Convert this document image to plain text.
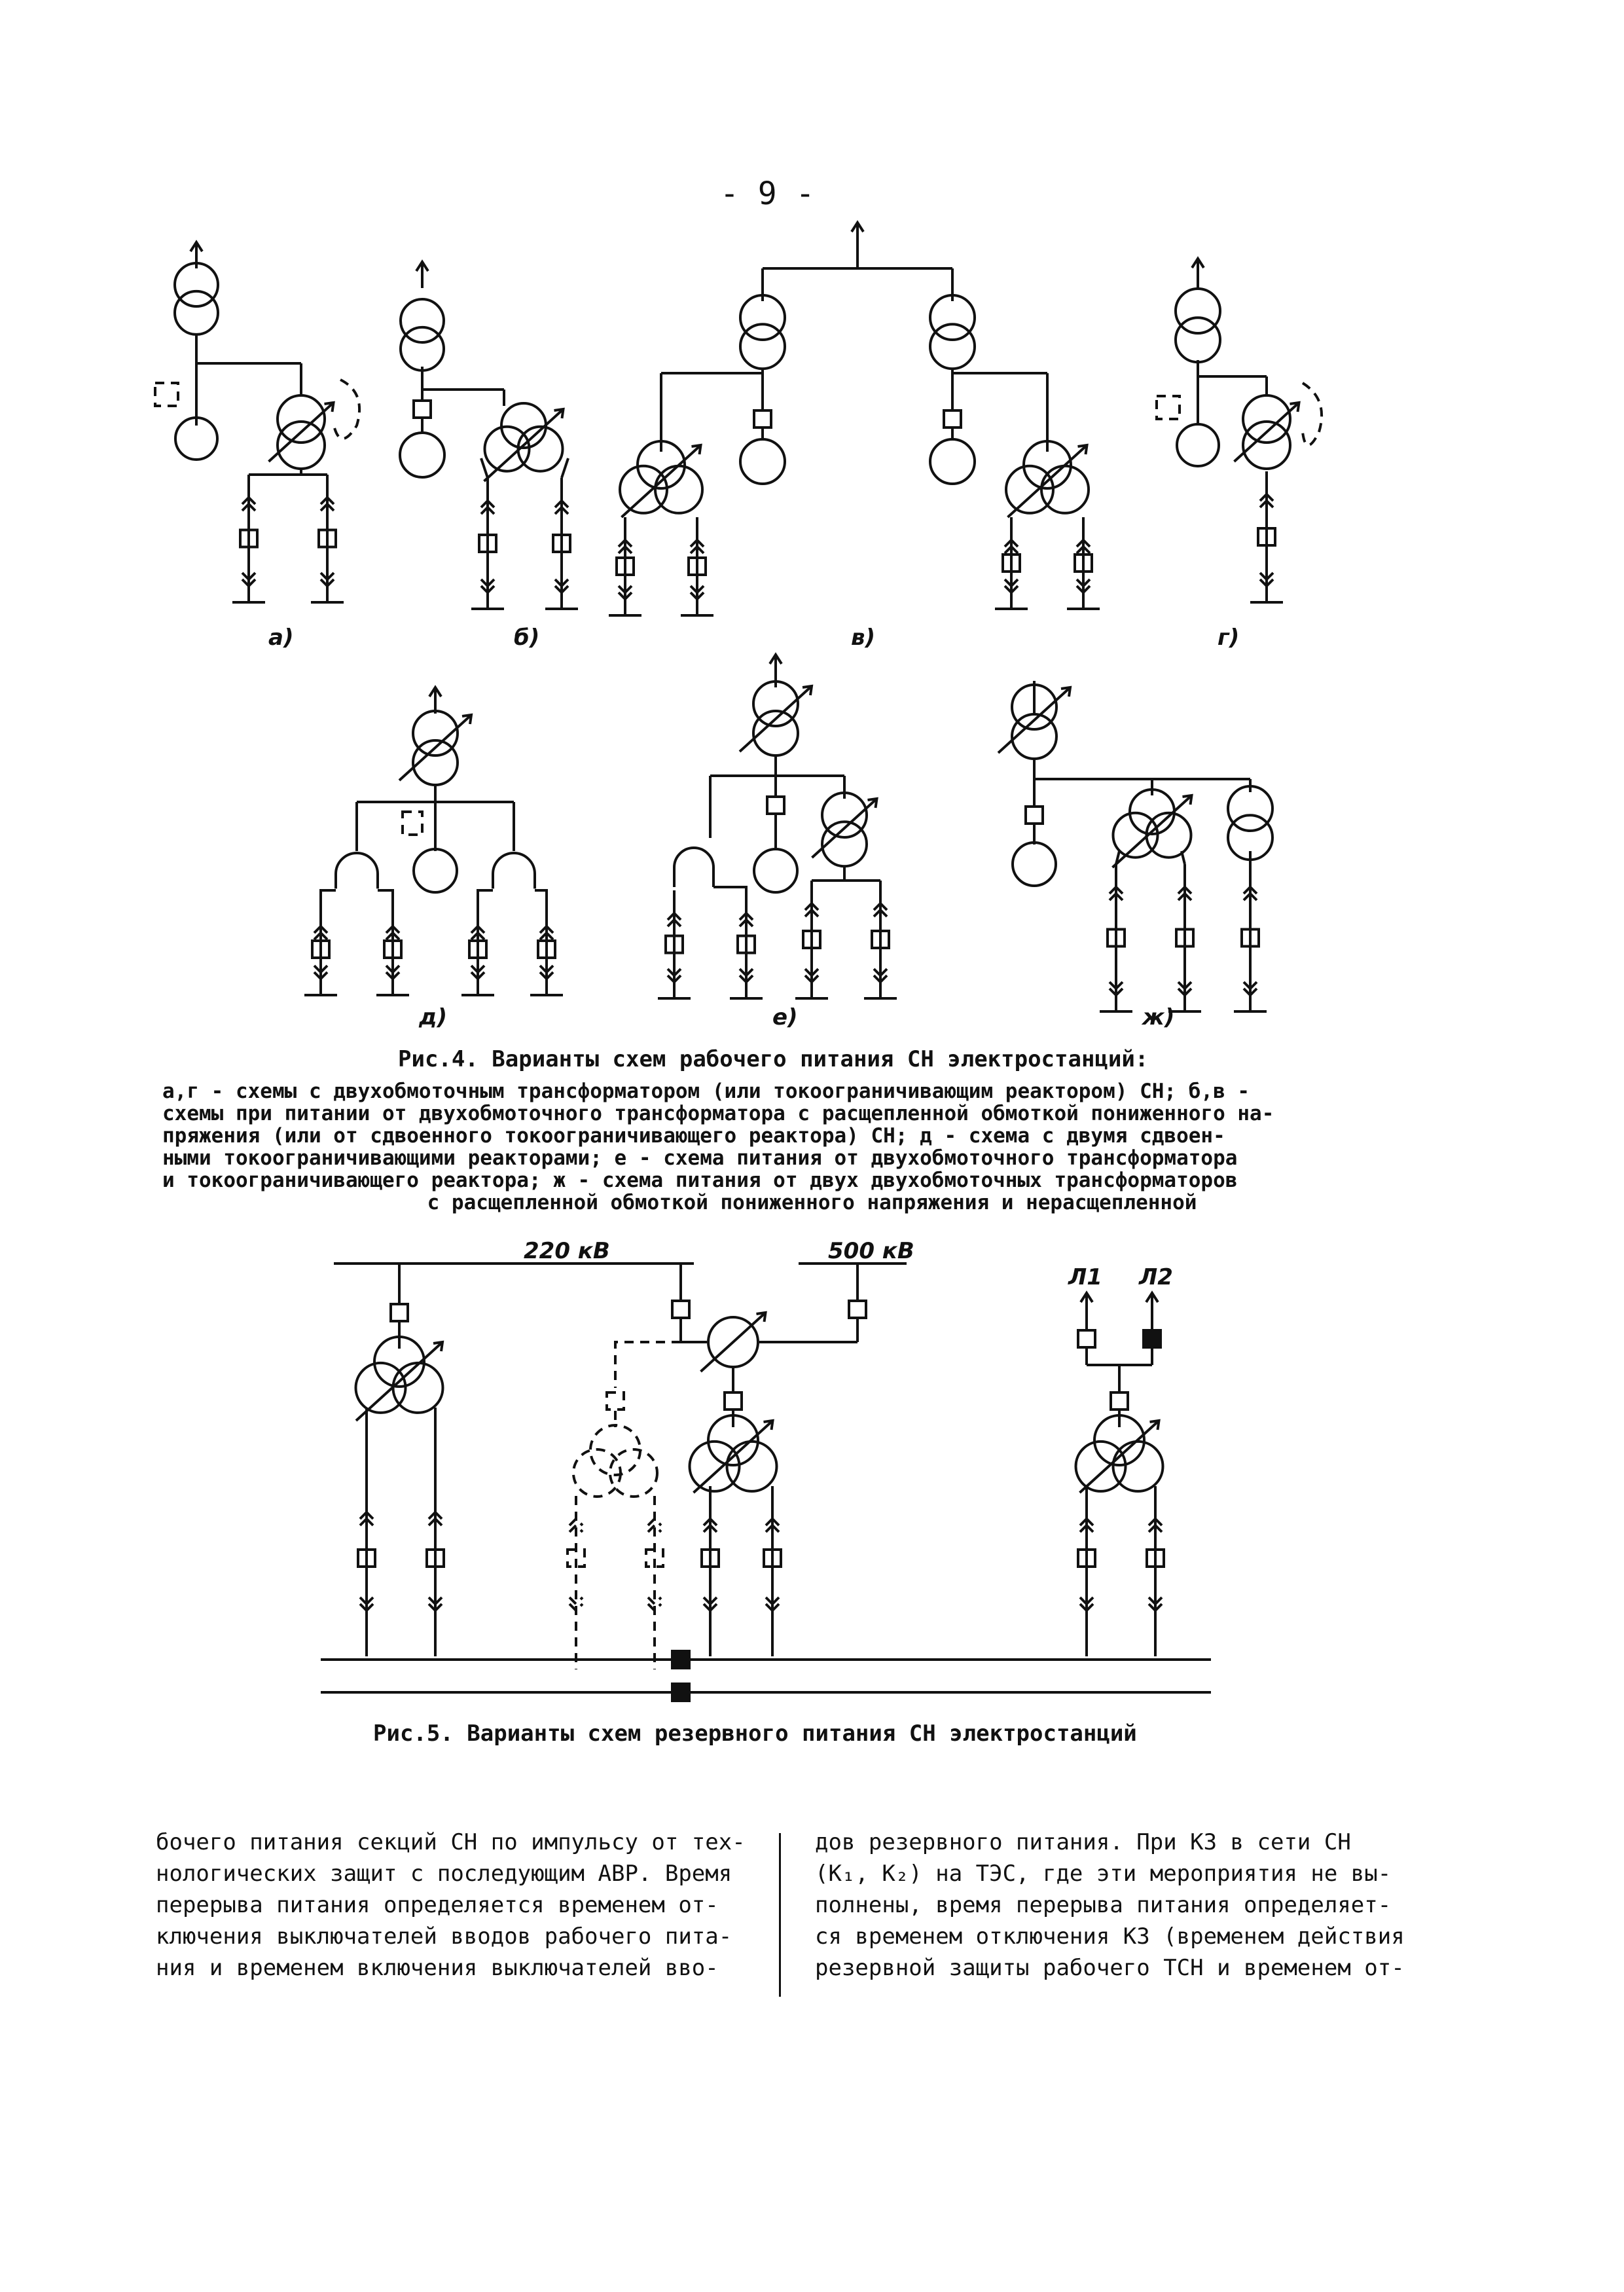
- 9 -
а)	б)	в)	г)
д)	е)	ж)
Рис.4. Варианты схем рабочего питания СН электростанций:

а,г - схемы с двухобмоточным трансформатором (или токоограничивающим реактором) СН; б,в -

схемы при питании от двухобмоточного трансформатора с расщепленной обмоткой пониженного на-

пряжения (или от сдвоенного токоограничивающего реактора) СН; д - схема с двумя сдвоен-

ными токоограничивающими реакторами; е - схема питания от двухобмоточного трансформатора

и токоограничивающего реактора; ж - схема питания от двух двухобмоточных трансформаторов

с расщепленной обмоткой пониженного напряжения и нерасщепленной

220 кВ	500 кВ
Л1 Л2
Рис.5. Варианты схем резервного питания СН электростанций

бочего питания секций СН по импульсу от тех-

нологических защит с последующим АВР. Время

перерыва питания определяется временем от-

ключения выключателей вводов рабочего пита-

ния и временем включения выключателей вво-

дов резервного питания. При КЗ в сети СН

(К₁, К₂) на ТЭС, где эти мероприятия не вы-

полнены, время перерыва питания определяет-

ся временем отключения КЗ (временем действия

резервной защиты рабочего ТСН и временем от-
